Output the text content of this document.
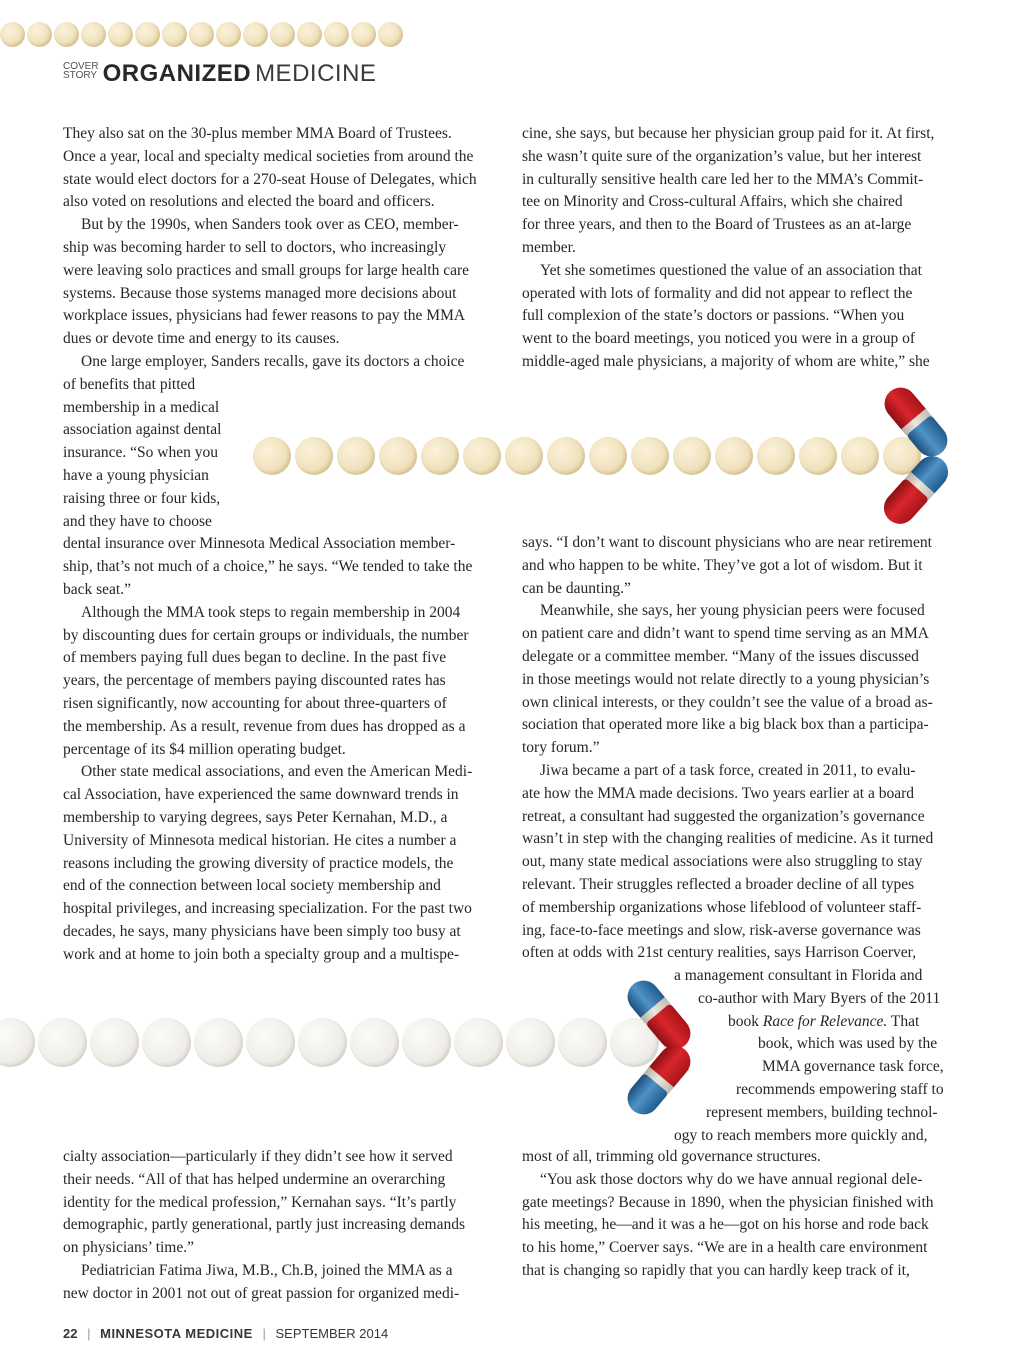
COVER
STORY ORGANIZED MEDICINE
They also sat on the 30-plus member MMA Board of Trustees.
Once a year, local and specialty medical societies from around the
state would elect doctors for a 270-seat House of Delegates, which
also voted on resolutions and elected the board and officers.
But by the 1990s, when Sanders took over as CEO, member-
ship was becoming harder to sell to doctors, who increasingly
were leaving solo practices and small groups for large health care
systems. Because those systems managed more decisions about
workplace issues, physicians had fewer reasons to pay the MMA
dues or devote time and energy to its causes.
One large employer, Sanders recalls, gave its doctors a choice
of benefits that pitted
membership in a medical
association against dental
insurance. “So when you
have a young physician
raising three or four kids,
and they have to choose
dental insurance over Minnesota Medical Association member-
ship, that’s not much of a choice,” he says. “We tended to take the
back seat.”
Although the MMA took steps to regain membership in 2004
by discounting dues for certain groups or individuals, the number
of members paying full dues began to decline. In the past five
years, the percentage of members paying discounted rates has
risen significantly, now accounting for about three-quarters of
the membership. As a result, revenue from dues has dropped as a
percentage of its $4 million operating budget.
Other state medical associations, and even the American Medi-
cal Association, have experienced the same downward trends in
membership to varying degrees, says Peter Kernahan, M.D., a
University of Minnesota medical historian. He cites a number a
reasons including the growing diversity of practice models, the
end of the connection between local society membership and
hospital privileges, and increasing specialization. For the past two
decades, he says, many physicians have been simply too busy at
work and at home to join both a specialty group and a multispe-
cialty association—particularly if they didn’t see how it served
their needs. “All of that has helped undermine an overarching
identity for the medical profession,” Kernahan says. “It’s partly
demographic, partly generational, partly just increasing demands
on physicians’ time.”
Pediatrician Fatima Jiwa, M.B., Ch.B, joined the MMA as a
new doctor in 2001 not out of great passion for organized medi-
cine, she says, but because her physician group paid for it. At first,
she wasn’t quite sure of the organization’s value, but her interest
in culturally sensitive health care led her to the MMA’s Commit-
tee on Minority and Cross-cultural Affairs, which she chaired
for three years, and then to the Board of Trustees as an at-large
member.
Yet she sometimes questioned the value of an association that
operated with lots of formality and did not appear to reflect the
full complexion of the state’s doctors or passions. “When you
went to the board meetings, you noticed you were in a group of
middle-aged male physicians, a majority of whom are white,” she
says. “I don’t want to discount physicians who are near retirement
and who happen to be white. They’ve got a lot of wisdom. But it
can be daunting.”
Meanwhile, she says, her young physician peers were focused
on patient care and didn’t want to spend time serving as an MMA
delegate or a committee member. “Many of the issues discussed
in those meetings would not relate directly to a young physician’s
own clinical interests, or they couldn’t see the value of a broad as-
sociation that operated more like a big black box than a participa-
tory forum.”
Jiwa became a part of a task force, created in 2011, to evalu-
ate how the MMA made decisions. Two years earlier at a board
retreat, a consultant had suggested the organization’s governance
wasn’t in step with the changing realities of medicine. As it turned
out, many state medical associations were also struggling to stay
relevant. Their struggles reflected a broader decline of all types
of membership organizations whose lifeblood of volunteer staff-
ing, face-to-face meetings and slow, risk-averse governance was
often at odds with 21st century realities, says Harrison Coerver,
a management consultant in Florida and
co-author with Mary Byers of the 2011
book Race for Relevance. That
book, which was used by the
MMA governance task force,
recommends empowering staff to
represent members, building technol-
ogy to reach members more quickly and,
most of all, trimming old governance structures.
“You ask those doctors why do we have annual regional dele-
gate meetings? Because in 1890, when the physician finished with
his meeting, he—and it was a he—got on his horse and rode back
to his home,” Coerver says. “We are in a health care environment
that is changing so rapidly that you can hardly keep track of it,
22 | MINNESOTA MEDICINE | SEPTEMBER 2014
